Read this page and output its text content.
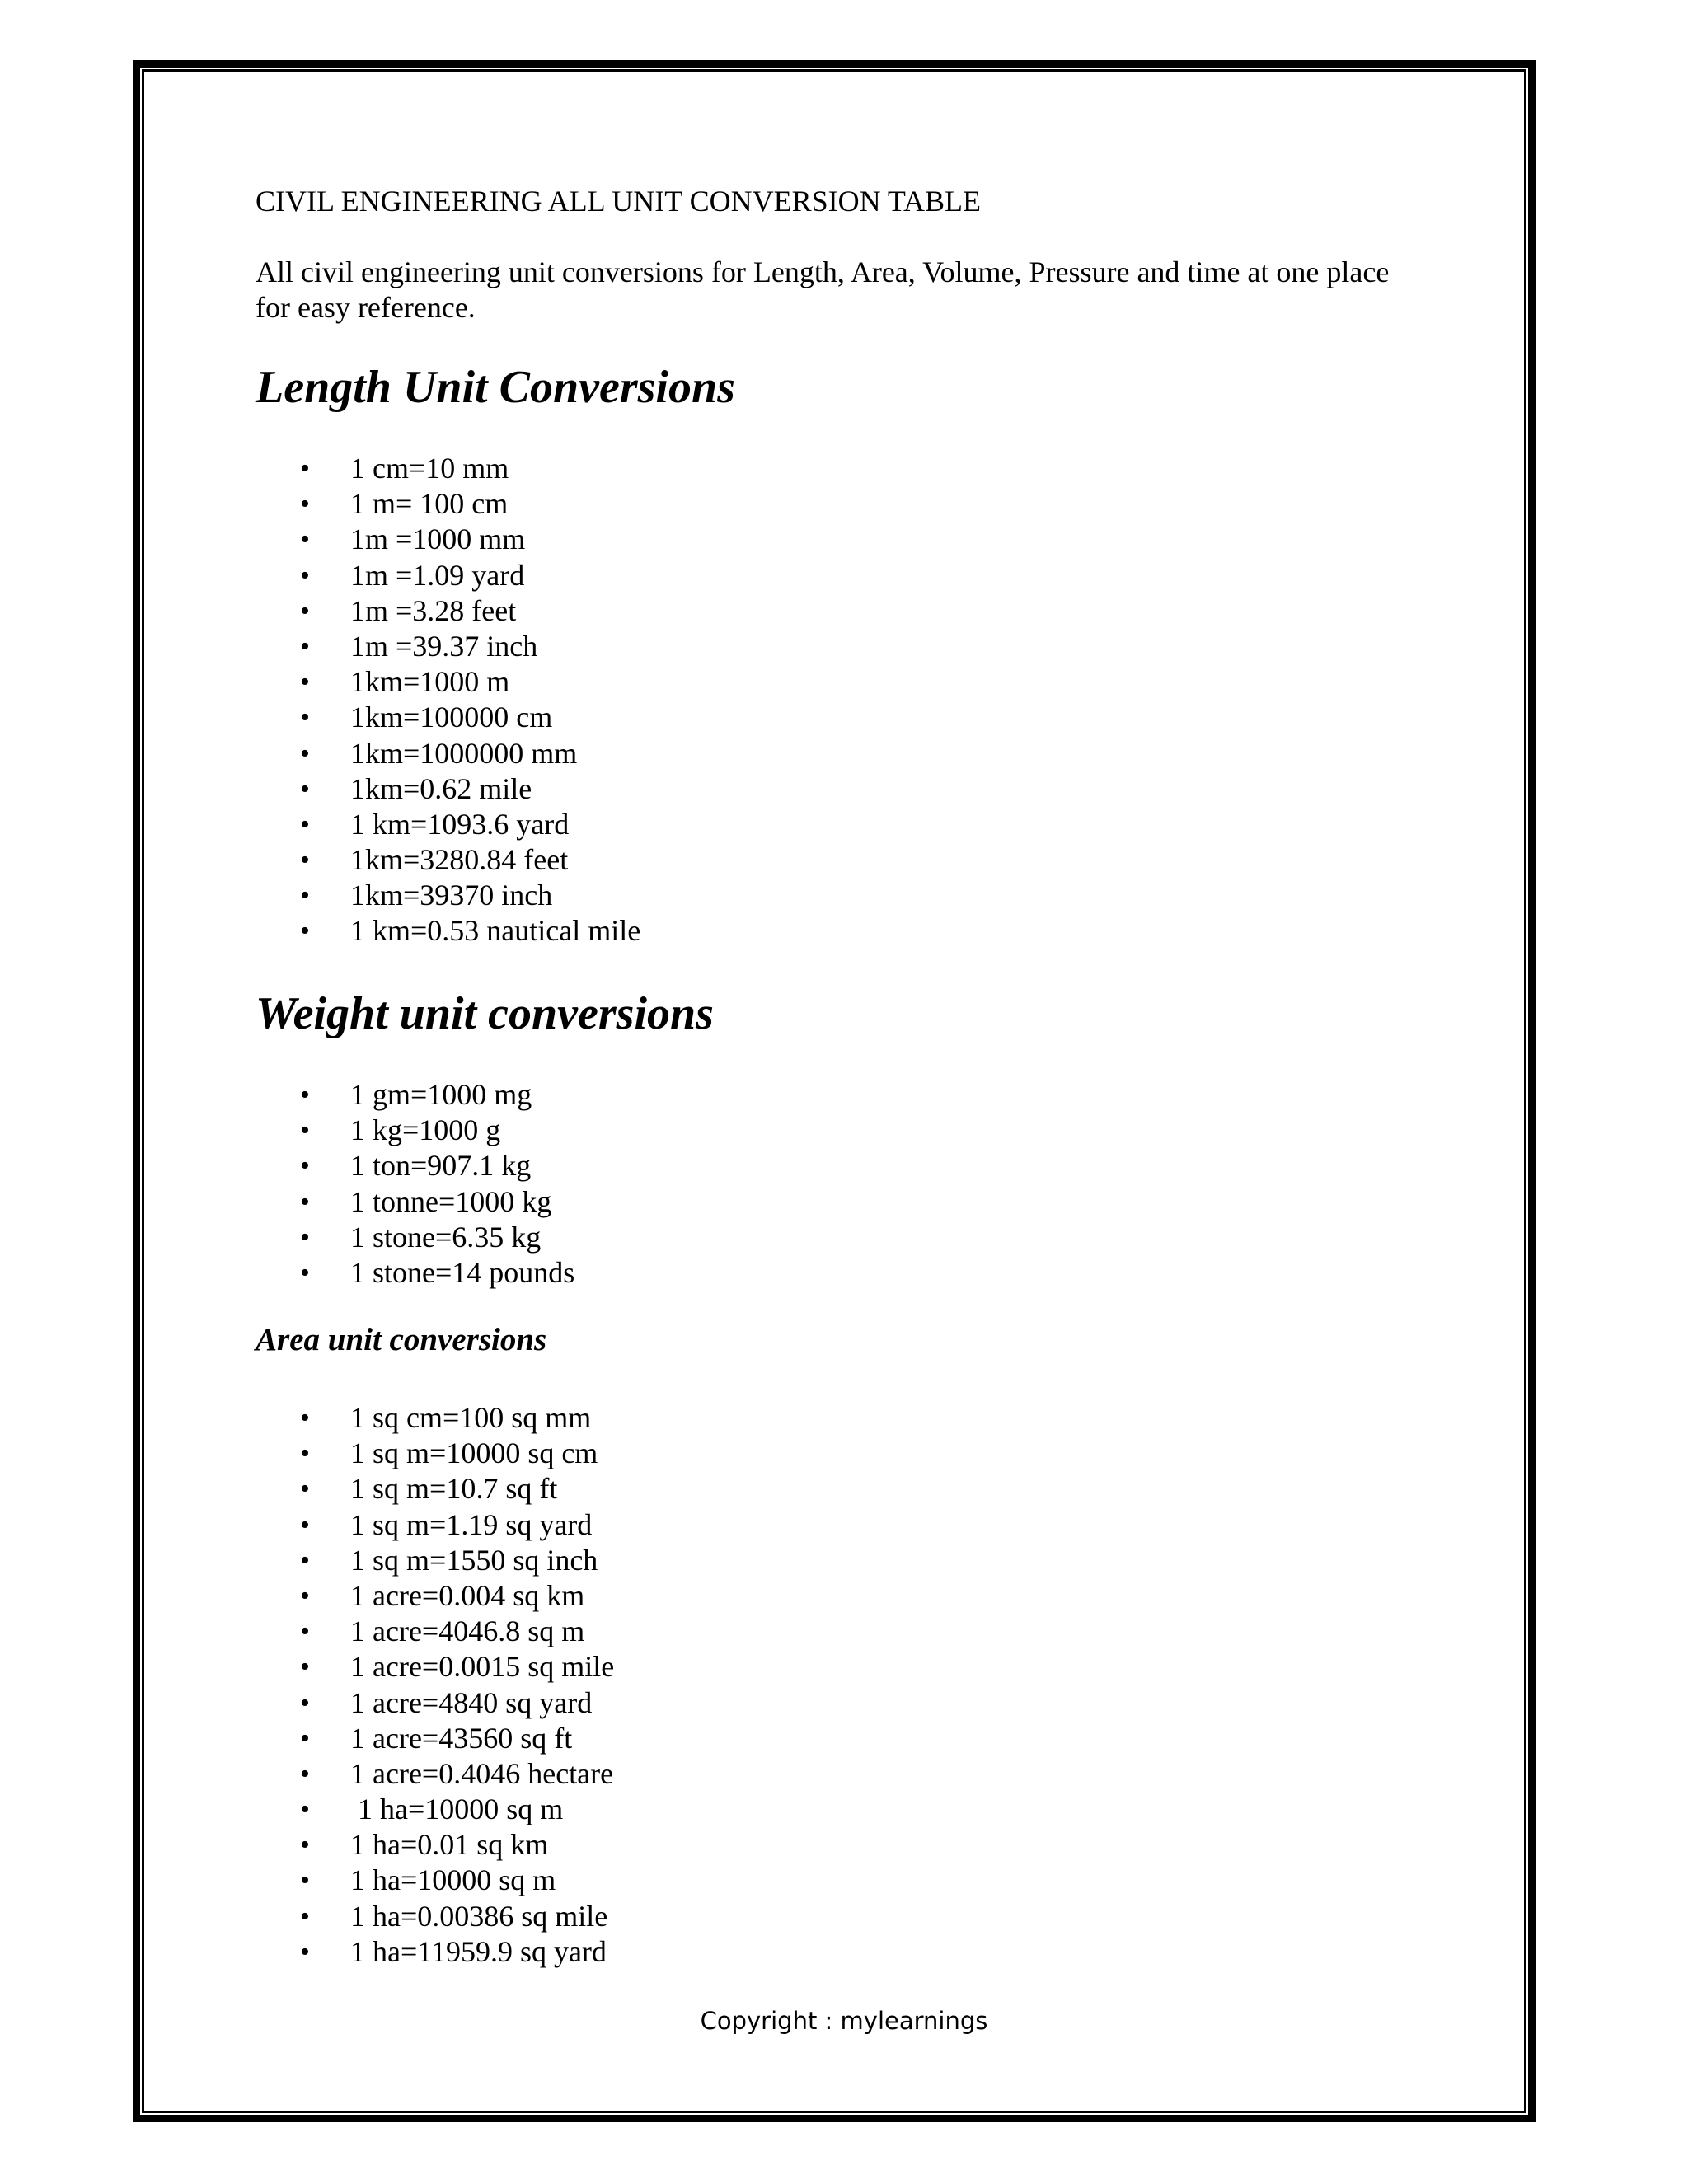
CIVIL ENGINEERING ALL UNIT CONVERSION TABLE

All civil engineering unit conversions for Length, Area, Volume, Pressure and time at one place for easy reference.

Length Unit Conversions
• 1 cm=10 mm
• 1 m= 100 cm
• 1m =1000 mm
• 1m =1.09 yard
• 1m =3.28 feet
• 1m =39.37 inch
• 1km=1000 m
• 1km=100000 cm
• 1km=1000000 mm
• 1km=0.62 mile
• 1 km=1093.6 yard
• 1km=3280.84 feet
• 1km=39370 inch
• 1 km=0.53 nautical mile
Weight unit conversions
• 1 gm=1000 mg
• 1 kg=1000 g
• 1 ton=907.1 kg
• 1 tonne=1000 kg
• 1 stone=6.35 kg
• 1 stone=14 pounds
Area unit conversions
• 1 sq cm=100 sq mm
• 1 sq m=10000 sq cm
• 1 sq m=10.7 sq ft
• 1 sq m=1.19 sq yard
• 1 sq m=1550 sq inch
• 1 acre=0.004 sq km
• 1 acre=4046.8 sq m
• 1 acre=0.0015 sq mile
• 1 acre=4840 sq yard
• 1 acre=43560 sq ft
• 1 acre=0.4046 hectare
•  1 ha=10000 sq m
• 1 ha=0.01 sq km
• 1 ha=10000 sq m
• 1 ha=0.00386 sq mile
• 1 ha=11959.9 sq yard
Copyright : mylearnings
